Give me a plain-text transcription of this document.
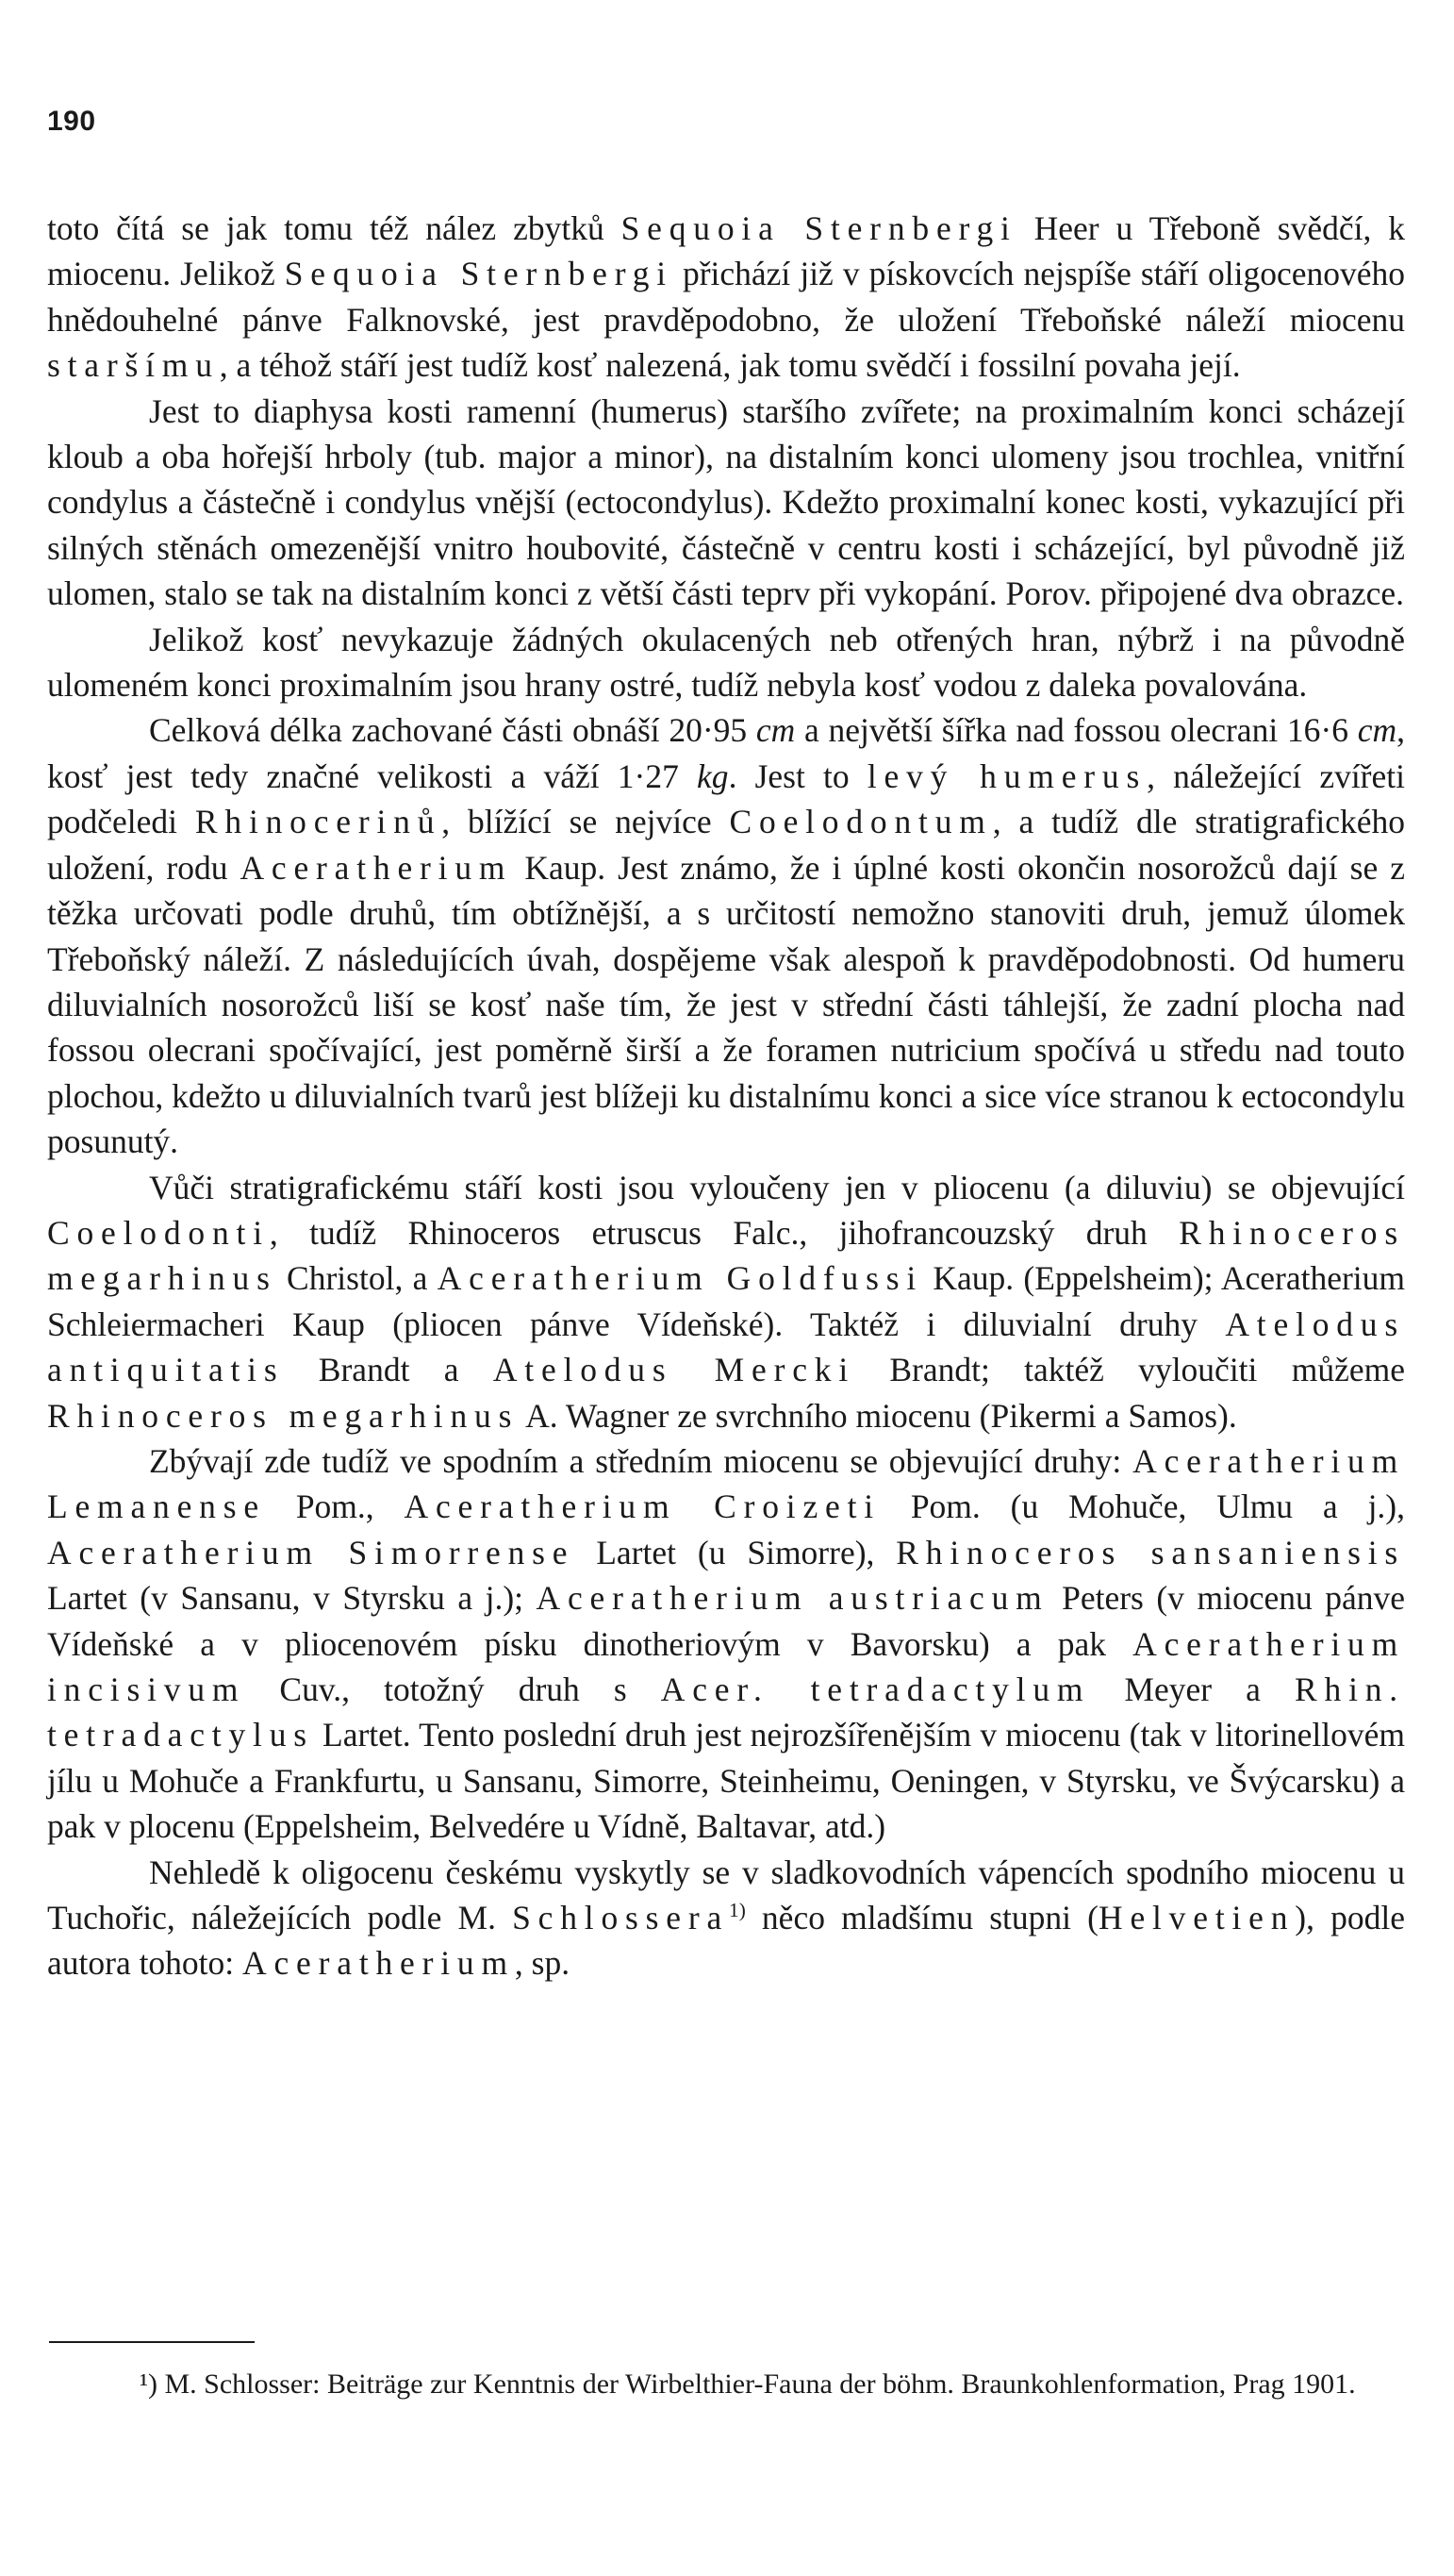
190

toto čítá se jak tomu též nález zbytků Sequoia Sternbergi Heer u Třeboně svědčí, k miocenu. Jelikož Sequoia Sternbergi přichází již v pískovcích nejspíše stáří oligocenového hnědouhelné pánve Falknovské, jest pravděpodobno, že uložení Třeboňské náleží miocenu staršímu, a téhož stáří jest tudíž kosť nalezená, jak tomu svědčí i fossilní povaha její.

Jest to diaphysa kosti ramenní (humerus) staršího zvířete; na proximalním konci scházejí kloub a oba hořejší hrboly (tub. major a minor), na distalním konci ulomeny jsou trochlea, vnitřní condylus a částečně i condylus vnější (ectocondylus). Kdežto proximalní konec kosti, vykazující při silných stěnách omezenější vnitro houbovité, částečně v centru kosti i scházející, byl původně již ulomen, stalo se tak na distalním konci z větší části teprv při vykopání. Porov. připojené dva obrazce.

Jelikož kosť nevykazuje žádných okulacených neb otřených hran, nýbrž i na původně ulomeném konci proximalním jsou hrany ostré, tudíž nebyla kosť vodou z daleka povalována.

Celková délka zachované části obnáší 20·95 cm a největší šířka nad fossou olecrani 16·6 cm, kosť jest tedy značné velikosti a váží 1·27 kg. Jest to levý humerus, náležející zvířeti podčeledi Rhinocerinů, blížící se nejvíce Coelodontum, a tudíž dle stratigrafického uložení, rodu Aceratherium Kaup. Jest známo, že i úplné kosti okončin nosorožců dají se z těžka určovati podle druhů, tím obtížnější, a s určitostí nemožno stanoviti druh, jemuž úlomek Třeboňský náleží. Z následujících úvah, dospějeme však alespoň k pravděpodobnosti. Od humeru diluvialních nosorožců liší se kosť naše tím, že jest v střední části táhlejší, že zadní plocha nad fossou olecrani spočívající, jest poměrně širší a že foramen nutricium spočívá u středu nad touto plochou, kdežto u diluvialních tvarů jest blížeji ku distalnímu konci a sice více stranou k ectocondylu posunutý.

Vůči stratigrafickému stáří kosti jsou vyloučeny jen v pliocenu (a diluviu) se objevující Coelodonti, tudíž Rhinoceros etruscus Falc., jihofrancouzský druh Rhinoceros megarhinus Christol, a Aceratherium Goldfussi Kaup. (Eppelsheim); Aceratherium Schleiermacheri Kaup (pliocen pánve Vídeňské). Taktéž i diluvialní druhy Atelodus antiquitatis Brandt a Atelodus Mercki Brandt; taktéž vyloučiti můžeme Rhinoceros megarhinus A. Wagner ze svrchního miocenu (Pikermi a Samos).

Zbývají zde tudíž ve spodním a středním miocenu se objevující druhy: Aceratherium Lemanense Pom., Aceratherium Croizeti Pom. (u Mohuče, Ulmu a j.), Aceratherium Simorrense Lartet (u Simorre), Rhinoceros sansaniensis Lartet (v Sansanu, v Styrsku a j.); Aceratherium austriacum Peters (v miocenu pánve Vídeňské a v pliocenovém písku dinotheriovým v Bavorsku) a pak Aceratherium incisivum Cuv., totožný druh s Acer. tetradactylum Meyer a Rhin. tetradactylus Lartet. Tento poslední druh jest nejrozšířenějším v miocenu (tak v litorinellovém jílu u Mohuče a Frankfurtu, u Sansanu, Simorre, Steinheimu, Oeningen, v Styrsku, ve Švýcarsku) a pak v plocenu (Eppelsheim, Belvedére u Vídně, Baltavar, atd.)

Nehledě k oligocenu českému vyskytly se v sladkovodních vápencích spodního miocenu u Tuchořic, náležejících podle M. Schlossera$^{1)}$ něco mladšímu stupni (Helvetien), podle autora tohoto: Aceratherium, sp.

¹) M. Schlosser: Beiträge zur Kenntnis der Wirbelthier-Fauna der böhm. Braunkohlenformation, Prag 1901.
